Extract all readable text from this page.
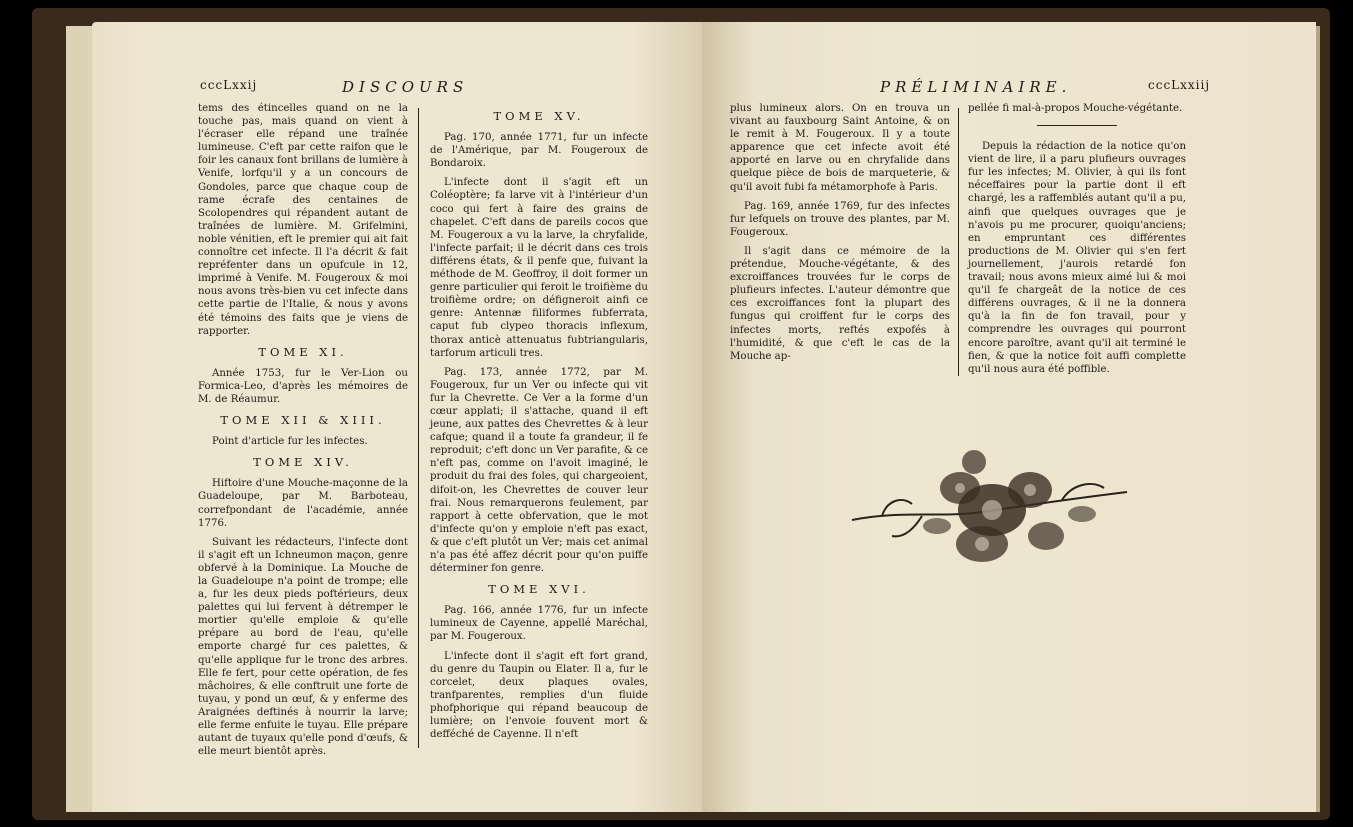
cccLxxij	DISCOURS

tems des étincelles quand on ne la touche pas, mais quand on vient à l'écraser elle répand une traînée lumineuse. C'eft par cette raifon que le foir les canaux font brillans de lumière à Venife, lorfqu'il y a un concours de Gondoles, parce que chaque coup de rame écrafe des centaines de Scolopendres qui répandent autant de traînées de lumière. M. Grifelmini, noble vénitien, eft le premier qui ait fait connoître cet infecte. Il l'a décrit & fait repréfenter dans un opufcule in 12, imprimé à Venife. M. Fougeroux & moi nous avons très-bien vu cet infecte dans cette partie de l'Italie, & nous y avons été témoins des faits que je viens de rapporter.

TOME XI.

Année 1753, fur le Ver-Lion ou Formica-Leo, d'après les mémoires de M. de Réaumur.

TOME XII & XIII.

Point d'article fur les infectes.

TOME XIV.

Hiftoire d'une Mouche-maçonne de la Guadeloupe, par M. Barboteau, correfpondant de l'académie, année 1776.

Suivant les rédacteurs, l'infecte dont il s'agit eft un Ichneumon maçon, genre obfervé à la Dominique. La Mouche de la Guadeloupe n'a point de trompe; elle a, fur les deux pieds poftérieurs, deux palettes qui lui fervent à détremper le mortier qu'elle emploie & qu'elle prépare au bord de l'eau, qu'elle emporte chargé fur ces palettes, & qu'elle applique fur le tronc des arbres. Elle fe fert, pour cette opération, de fes mâchoires, & elle conftruit une forte de tuyau, y pond un œuf, & y enferme des Araignées deftinés à nourrir la larve; elle ferme enfuite le tuyau. Elle prépare autant de tuyaux qu'elle pond d'œufs, & elle meurt bientôt après.

TOME XV.

Pag. 170, année 1771, fur un infecte de l'Amérique, par M. Fougeroux de Bondaroix.

L'infecte dont il s'agit eft un Coléoptère; fa larve vit à l'intérieur d'un coco qui fert à faire des grains de chapelet. C'eft dans de pareils cocos que M. Fougeroux a vu la larve, la chryfalide, l'infecte parfait; il le décrit dans ces trois différens états, & il penfe que, fuivant la méthode de M. Geoffroy, il doit former un genre particulier qui feroit le troifième du troifième ordre; on défigneroit ainfi ce genre: Antennæ filiformes fubferrata, caput fub clypeo thoracis inflexum, thorax anticè attenuatus fubtriangularis, tarforum articuli tres.

Pag. 173, année 1772, par M. Fougeroux, fur un Ver ou infecte qui vit fur la Chevrette. Ce Ver a la forme d'un cœur applati; il s'attache, quand il eft jeune, aux pattes des Chevrettes & à leur cafque; quand il a toute fa grandeur, il fe reproduit; c'eft donc un Ver parafite, & ce n'eft pas, comme on l'avoit imaginé, le produit du frai des foles, qui chargeoient, difoit-on, les Chevrettes de couver leur frai. Nous remarquerons feulement, par rapport à cette obfervation, que le mot d'infecte qu'on y emploie n'eft pas exact, & que c'eft plutôt un Ver; mais cet animal n'a pas été affez décrit pour qu'on puiffe déterminer fon genre.

TOME XVI.

Pag. 166, année 1776, fur un infecte lumineux de Cayenne, appellé Maréchal, par M. Fougeroux.

L'infecte dont il s'agit eft fort grand, du genre du Taupin ou Elater. Il a, fur le corcelet, deux plaques ovales, tranfparentes, remplies d'un fluide phofphorique qui répand beaucoup de lumière; on l'envoie fouvent mort & defféché de Cayenne. Il n'eft

PRÉLIMINAIRE.	cccLxxiij

plus lumineux alors. On en trouva un vivant au fauxbourg Saint Antoine, & on le remit à M. Fougeroux. Il y a toute apparence que cet infecte avoit été apporté en larve ou en chryfalide dans quelque pièce de bois de marqueterie, & qu'il avoit fubi fa métamorphofe à Paris.

Pag. 169, année 1769, fur des infectes fur lefquels on trouve des plantes, par M. Fougeroux.

Il s'agit dans ce mémoire de la prétendue, Mouche-végétante, & des excroiffances trouvées fur le corps de plufieurs infectes. L'auteur démontre que ces excroiffances font la plupart des fungus qui croiffent fur le corps des infectes morts, reftés expofés à l'humidité, & que c'eft le cas de la Mouche ap-

pellée fi mal-à-propos Mouche-végétante.

Depuis la rédaction de la notice qu'on vient de lire, il a paru plufieurs ouvrages fur les infectes; M. Olivier, à qui ils font néceffaires pour la partie dont il eft chargé, les a raffemblés autant qu'il a pu, ainfi que quelques ouvrages que je n'avois pu me procurer, quoiqu'anciens; en empruntant ces différentes productions de M. Olivier qui s'en fert journellement, j'aurois retardé fon travail; nous avons mieux aimé lui & moi qu'il fe chargeât de la notice de ces différens ouvrages, & il ne la donnera qu'à la fin de fon travail, pour y comprendre les ouvrages qui pourront encore paroître, avant qu'il ait terminé le fien, & que la notice foit auffi complette qu'il nous aura été poffible.
